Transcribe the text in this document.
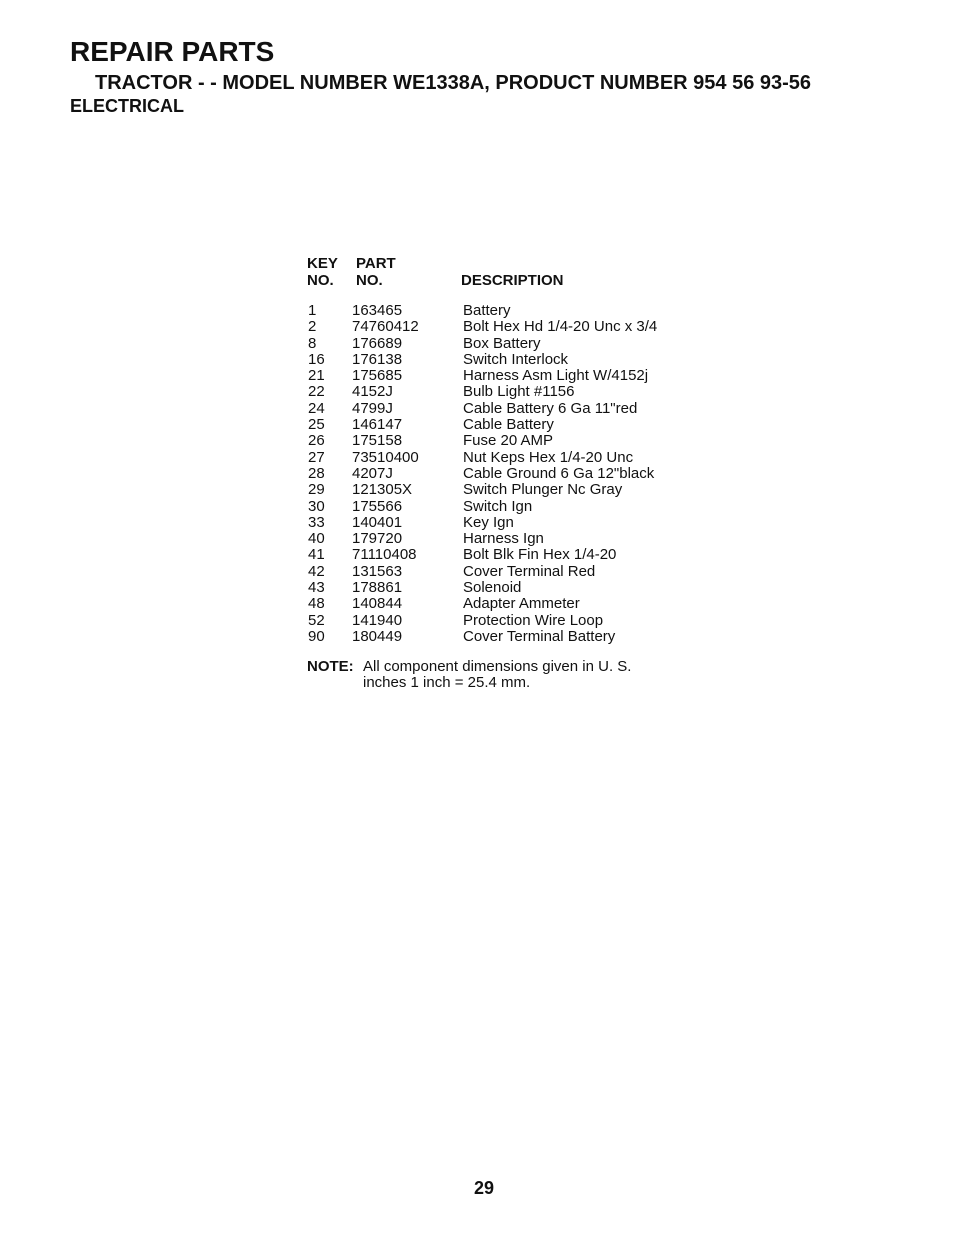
REPAIR PARTS
TRACTOR - - MODEL NUMBER WE1338A, PRODUCT NUMBER 954 56 93-56
ELECTRICAL
KEY
NO.
PART
NO.	DESCRIPTION
1 163465	Battery
2 74760412	Bolt Hex Hd 1/4-20 Unc x 3/4
8 176689	Box Battery
16 176138	Switch Interlock
21 175685	Harness Asm Light W/4152j
22 4152J	Bulb Light #1156
24 4799J	Cable Battery 6 Ga 11"red
25 146147	Cable Battery
26 175158	Fuse 20 AMP
27 73510400	Nut Keps Hex 1/4-20 Unc
28 4207J	Cable Ground 6 Ga 12"black
29 121305X	Switch Plunger Nc Gray
30 175566	Switch Ign
33 140401	Key Ign
40 179720	Harness Ign
41 71110408	Bolt Blk Fin Hex 1/4-20
42 131563	Cover Terminal Red
43 178861	Solenoid
48 140844	Adapter Ammeter
52 141940	Protection Wire Loop
90 180449	Cover Terminal Battery
NOTE: All component dimensions given in U. S. inches 1 inch = 25.4 mm.
29
